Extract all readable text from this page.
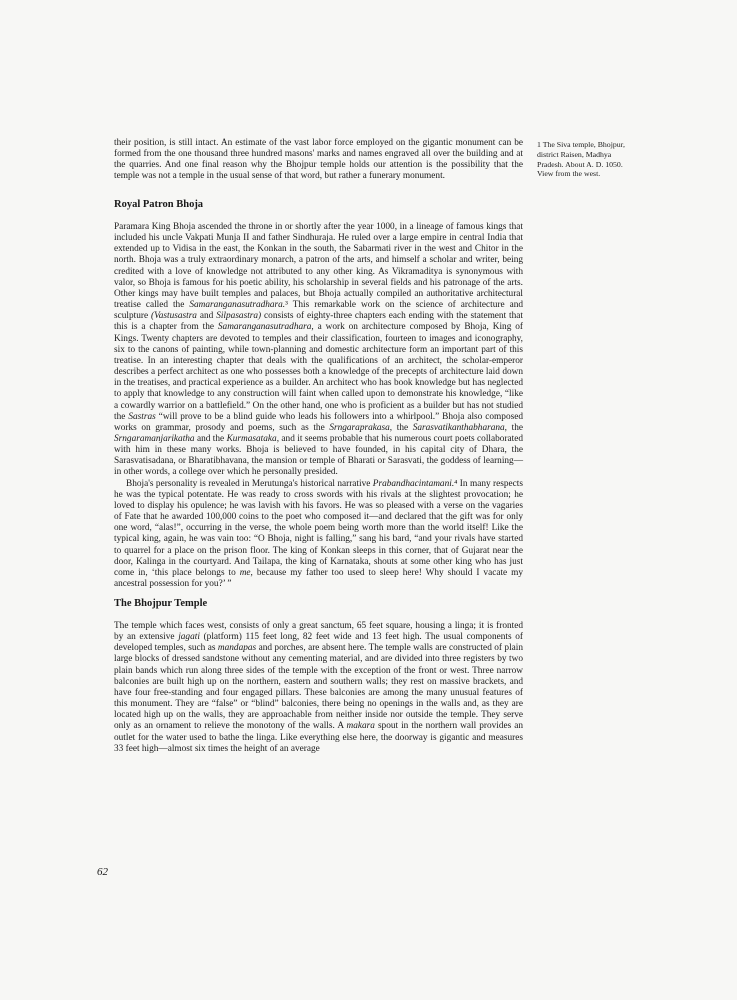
their position, is still intact. An estimate of the vast labor force employed on the gigantic monument can be formed from the one thousand three hundred masons' marks and names engraved all over the building and at the quarries. And one final reason why the Bhojpur temple holds our attention is the possibility that the temple was not a temple in the usual sense of that word, but rather a funerary monument.

1 The Siva temple, Bhojpur, district Raisen, Madhya Pradesh. About A. D. 1050. View from the west.
Royal Patron Bhoja

Paramara King Bhoja ascended the throne in or shortly after the year 1000, in a lineage of famous kings that included his uncle Vakpati Munja II and father Sindhuraja. He ruled over a large empire in central India that extended up to Vidisa in the east, the Konkan in the south, the Sabarmati river in the west and Chitor in the north. Bhoja was a truly extraordinary monarch, a patron of the arts, and himself a scholar and writer, being credited with a love of knowledge not attributed to any other king. As Vikramaditya is synonymous with valor, so Bhoja is famous for his poetic ability, his scholarship in several fields and his patronage of the arts. Other kings may have built temples and palaces, but Bhoja actually compiled an authoritative architectural treatise called the Samaranganasutradhara.³ This remarkable work on the science of architecture and sculpture (Vastusastra and Silpasastra) consists of eighty-three chapters each ending with the statement that this is a chapter from the Samaranganasutradhara, a work on architecture composed by Bhoja, King of Kings. Twenty chapters are devoted to temples and their classification, fourteen to images and iconography, six to the canons of painting, while town-planning and domestic architecture form an important part of this treatise. In an interesting chapter that deals with the qualifications of an architect, the scholar-emperor describes a perfect architect as one who possesses both a knowledge of the precepts of architecture laid down in the treatises, and practical experience as a builder. An architect who has book knowledge but has neglected to apply that knowledge to any construction will faint when called upon to demonstrate his knowledge, “like a cowardly warrior on a battlefield.” On the other hand, one who is proficient as a builder but has not studied the Sastras “will prove to be a blind guide who leads his followers into a whirlpool.” Bhoja also composed works on grammar, prosody and poems, such as the Srngaraprakasa, the Sarasvatikanthabharana, the Srngaramanjarikatha and the Kurmasataka, and it seems probable that his numerous court poets collaborated with him in these many works. Bhoja is believed to have founded, in his capital city of Dhara, the Sarasvatisadana, or Bharatibhavana, the mansion or temple of Bharati or Sarasvati, the goddess of learning—in other words, a college over which he personally presided.

Bhoja's personality is revealed in Merutunga's historical narrative Prabandhacintamani.⁴ In many respects he was the typical potentate. He was ready to cross swords with his rivals at the slightest provocation; he loved to display his opulence; he was lavish with his favors. He was so pleased with a verse on the vagaries of Fate that he awarded 100,000 coins to the poet who composed it—and declared that the gift was for only one word, “alas!”, occurring in the verse, the whole poem being worth more than the world itself! Like the typical king, again, he was vain too: “O Bhoja, night is falling,” sang his bard, “and your rivals have started to quarrel for a place on the prison floor. The king of Konkan sleeps in this corner, that of Gujarat near the door, Kalinga in the courtyard. And Tailapa, the king of Karnataka, shouts at some other king who has just come in, ‘this place belongs to me, because my father too used to sleep here! Why should I vacate my ancestral possession for you?’ ”

The Bhojpur Temple

The temple which faces west, consists of only a great sanctum, 65 feet square, housing a linga; it is fronted by an extensive jagati (platform) 115 feet long, 82 feet wide and 13 feet high. The usual components of developed temples, such as mandapas and porches, are absent here. The temple walls are constructed of plain large blocks of dressed sandstone without any cementing material, and are divided into three registers by two plain bands which run along three sides of the temple with the exception of the front or west. Three narrow balconies are built high up on the northern, eastern and southern walls; they rest on massive brackets, and have four free-standing and four engaged pillars. These balconies are among the many unusual features of this monument. They are “false” or “blind” balconies, there being no openings in the walls and, as they are located high up on the walls, they are approachable from neither inside nor outside the temple. They serve only as an ornament to relieve the monotony of the walls. A makara spout in the northern wall provides an outlet for the water used to bathe the linga. Like everything else here, the doorway is gigantic and measures 33 feet high—almost six times the height of an average

62
